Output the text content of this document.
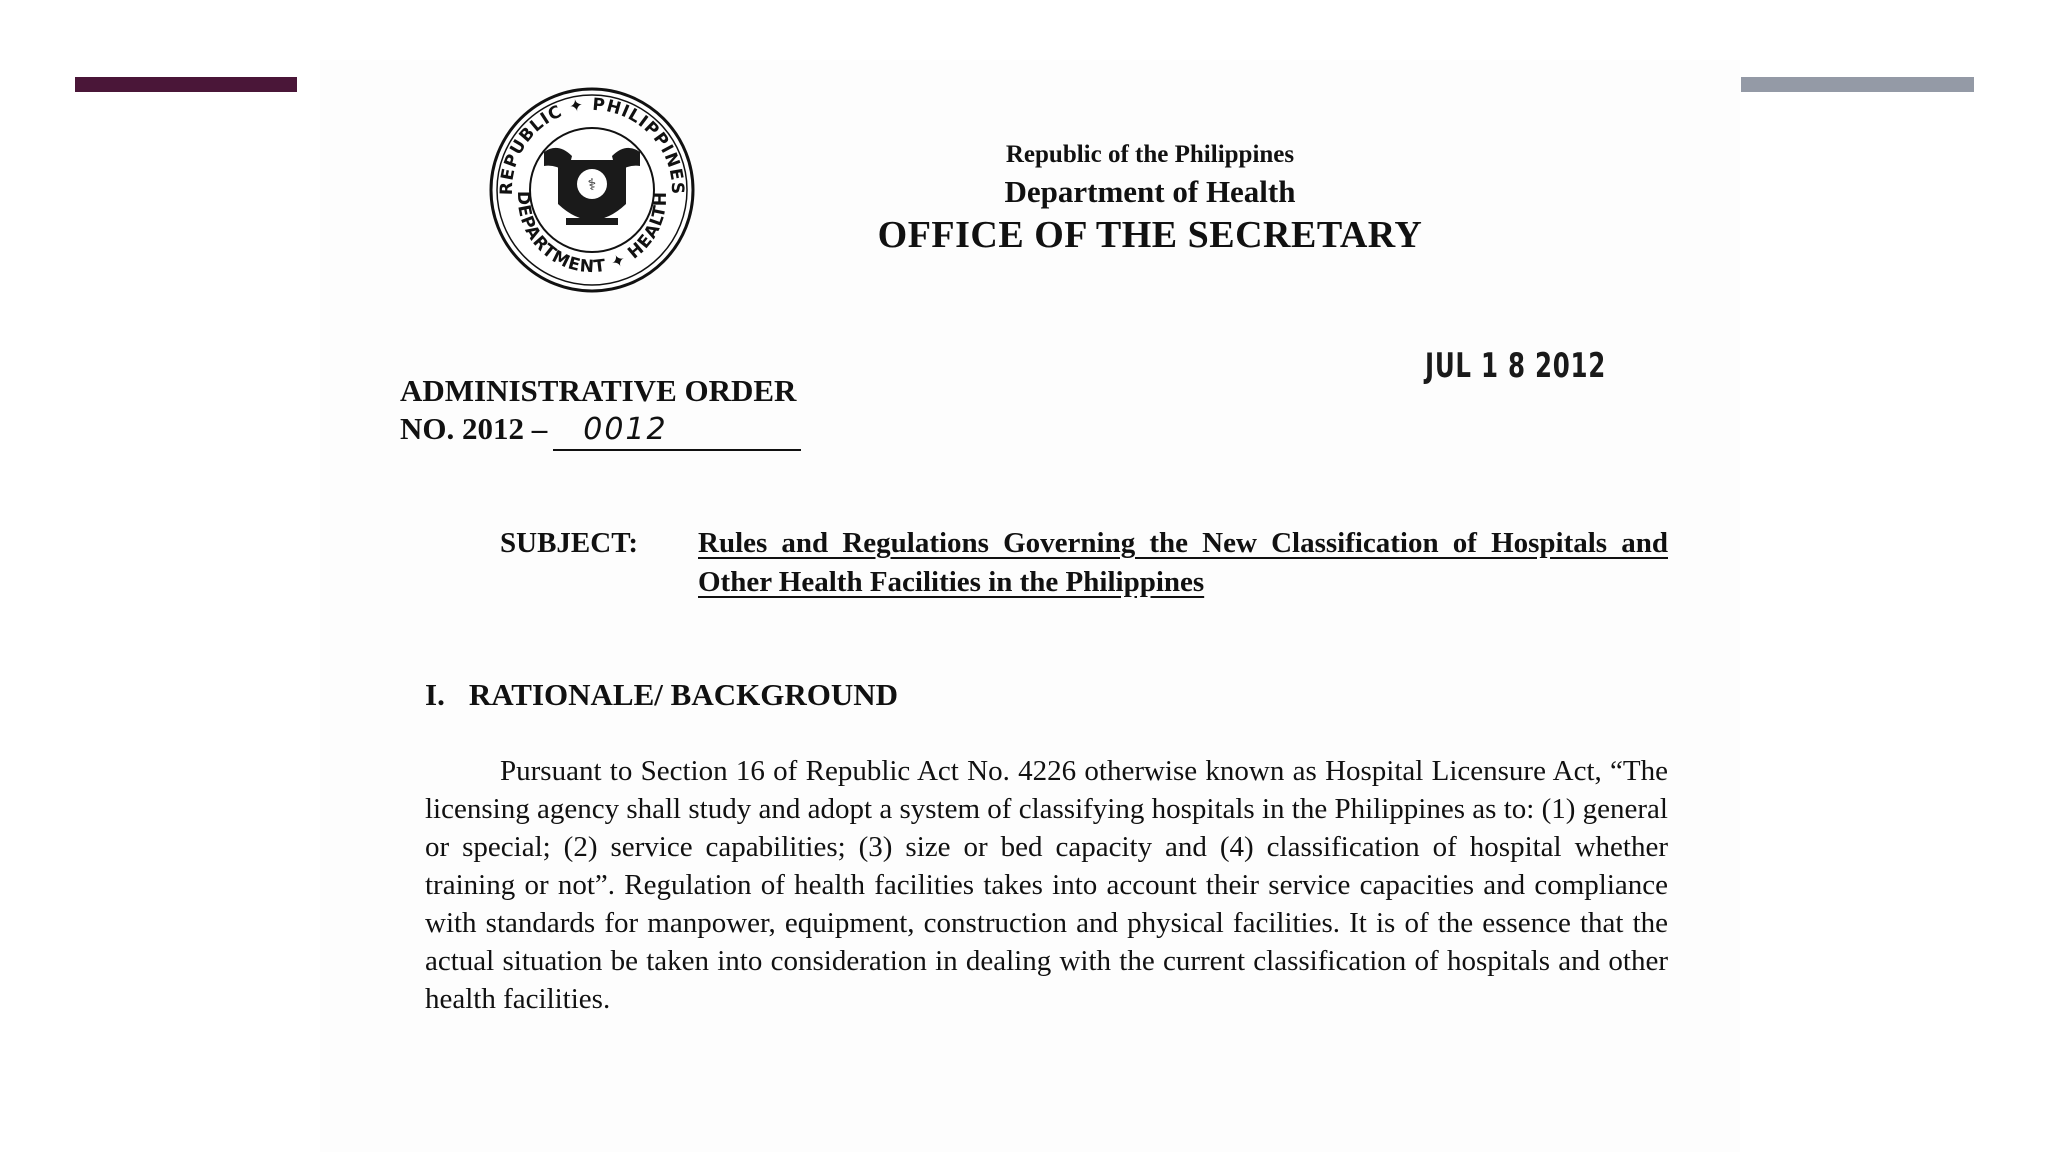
REPUBLIC ✦ PHILIPPINES
DEPARTMENT ✦ HEALTH
⚕
Republic of the Philippines
Department of Health
OFFICE OF THE SECRETARY
JUL 1 8 2012
ADMINISTRATIVE ORDER
NO. 2012 – 0012
SUBJECT: Rules and Regulations Governing the New Classification of Hospitals and Other Health Facilities in the Philippines
I. RATIONALE/ BACKGROUND
Pursuant to Section 16 of Republic Act No. 4226 otherwise known as Hospital Licensure Act, “The licensing agency shall study and adopt a system of classifying hospitals in the Philippines as to: (1) general or special; (2) service capabilities; (3) size or bed capacity and (4) classification of hospital whether training or not”. Regulation of health facilities takes into account their service capacities and compliance with standards for manpower, equipment, construction and physical facilities. It is of the essence that the actual situation be taken into consideration in dealing with the current classification of hospitals and other health facilities.
